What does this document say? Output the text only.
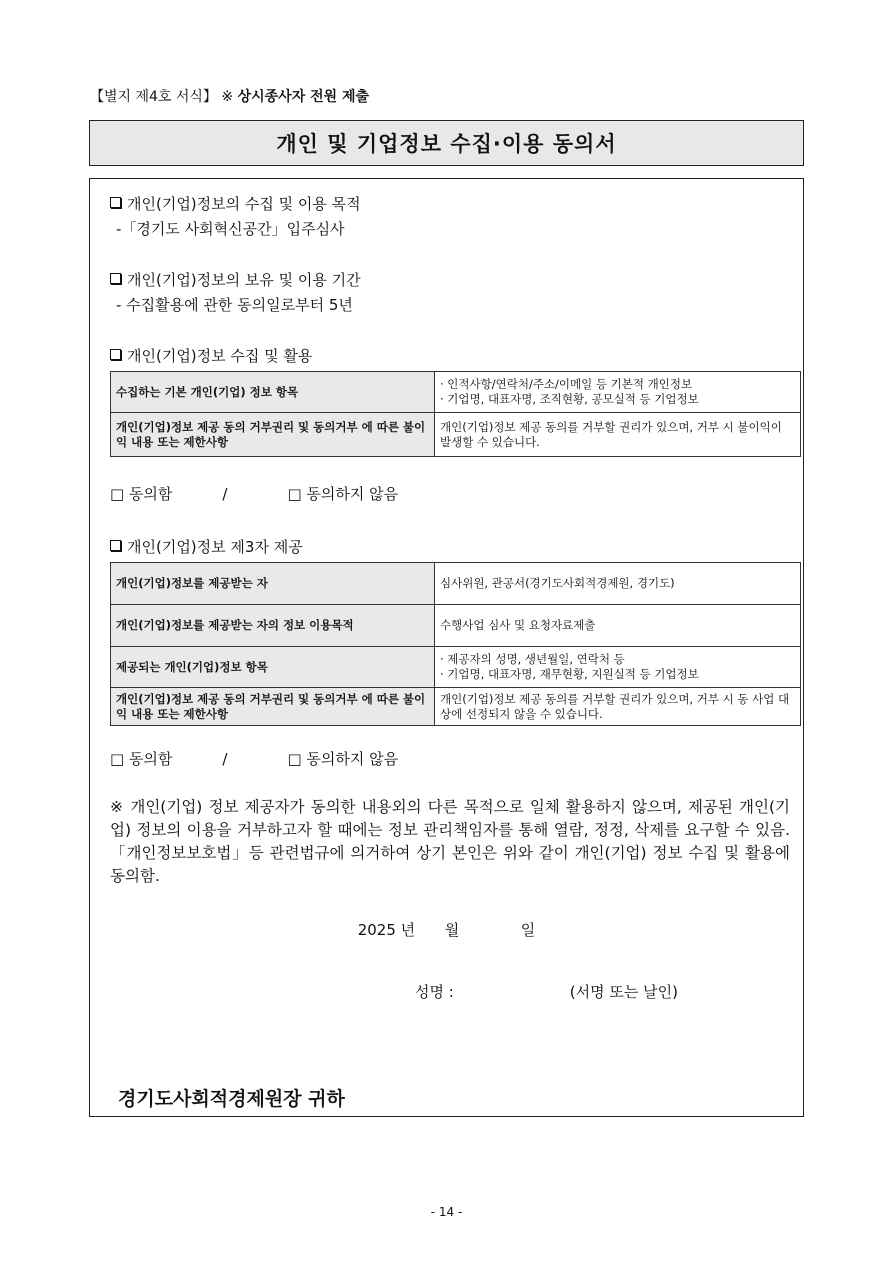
【별지 제4호 서식】 ※ 상시종사자 전원 제출
개인 및 기업정보 수집·이용 동의서
개인(기업)정보의 수집 및 이용 목적
-「경기도 사회혁신공간」입주심사
개인(기업)정보의 보유 및 이용 기간
- 수집활용에 관한 동의일로부터 5년
개인(기업)정보 수집 및 활용
수집하는 기본 개인(기업) 정보 항목	· 인적사항/연락처/주소/이메일 등 기본적 개인정보
· 기업명, 대표자명, 조직현황, 공모실적 등 기업정보

개인(기업)정보 제공 동의 거부권리 및 동의거부 에 따른 불이익 내용 또는 제한사항	개인(기업)정보 제공 동의를 거부할 권리가 있으며, 거부 시 불이익이 발생할 수 있습니다.
□ 동의함	/	□ 동의하지 않음
개인(기업)정보 제3자 제공
개인(기업)정보를 제공받는 자	심사위원, 관공서(경기도사회적경제원, 경기도)
개인(기업)정보를 제공받는 자의 정보 이용목적	수행사업 심사 및 요청자료제출
제공되는 개인(기업)정보 항목	· 제공자의 성명, 생년월일, 연락처 등
· 기업명, 대표자명, 재무현황, 지원실적 등 기업정보

개인(기업)정보 제공 동의 거부권리 및 동의거부 에 따른 불이익 내용 또는 제한사항	개인(기업)정보 제공 동의를 거부할 권리가 있으며, 거부 시 동 사업 대상에 선정되지 않을 수 있습니다.
□ 동의함	/	□ 동의하지 않음

※ 개인(기업) 정보 제공자가 동의한 내용외의 다른 목적으로 일체 활용하지 않으며, 제공된 개인(기업) 정보의 이용을 거부하고자 할 때에는 정보 관리책임자를 통해 열람, 정정, 삭제를 요구할 수 있음.「개인정보보호법」등 관련법규에 의거하여 상기 본인은 위와 같이 개인(기업) 정보 수집 및 활용에 동의함.

2025 년 월	일
성명 :	(서명 또는 날인)
경기도사회적경제원장 귀하
- 14 -
